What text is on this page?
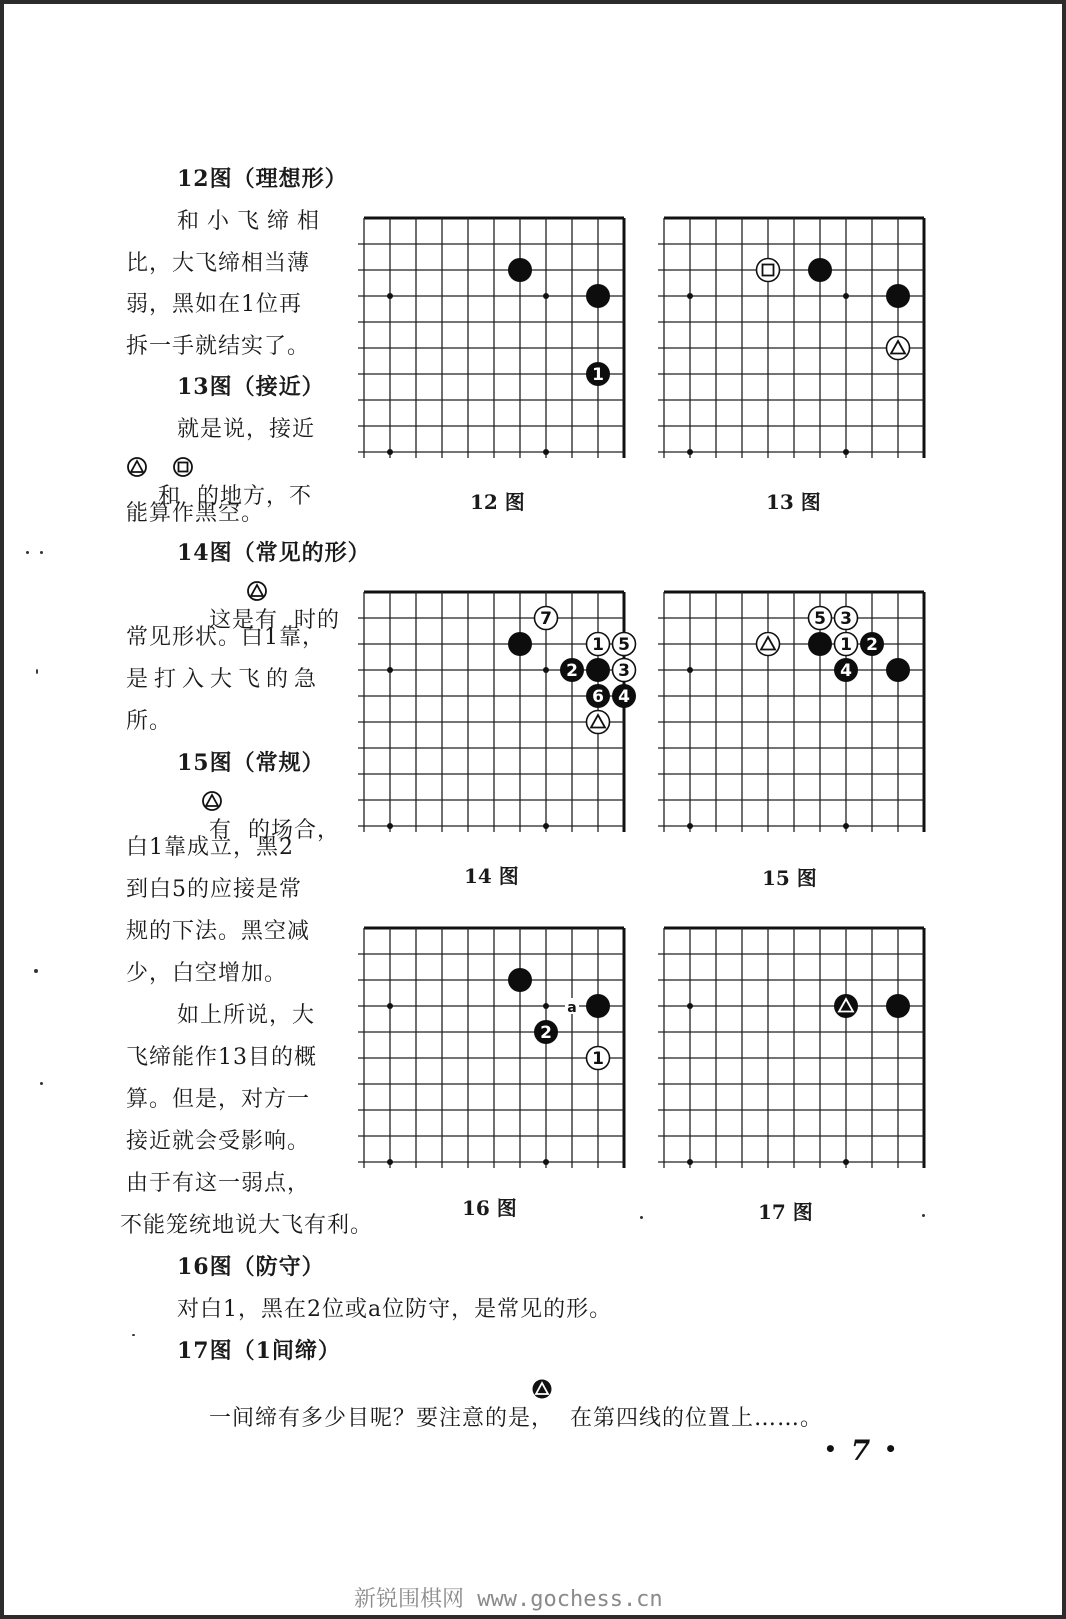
12图（理想形）
和小飞缔相
比，大飞缔相当薄
弱，黑如在1位再
拆一手就结实了。
13图（接近）
就是说，接近

和  的地方，不

能算作黑空。
14图（常见的形）

这是有  时的

常见形状。白1靠，
是打入大飞的急
所。
15图（常规）

有  的场合，

白1靠成立，黑2
到白5的应接是常
规的下法。黑空减
少，白空增加。
如上所说，大
飞缔能作13目的概
算。但是，对方一
接近就会受影响。
由于有这一弱点，
不能笼统地说大飞有利。
16图（防守）
对白1，黑在2位或a位防守，是常见的形。
17图（1间缔）

一间缔有多少目呢？要注意的是，  在第四线的位置上……。

1
12 图	13 图
7
1 5
2 3
6 4
14 图
5 3
1 2
4
15 图
a
2
1
16 图	17 图
• 7 •
新锐围棋网 www.gochess.cn
